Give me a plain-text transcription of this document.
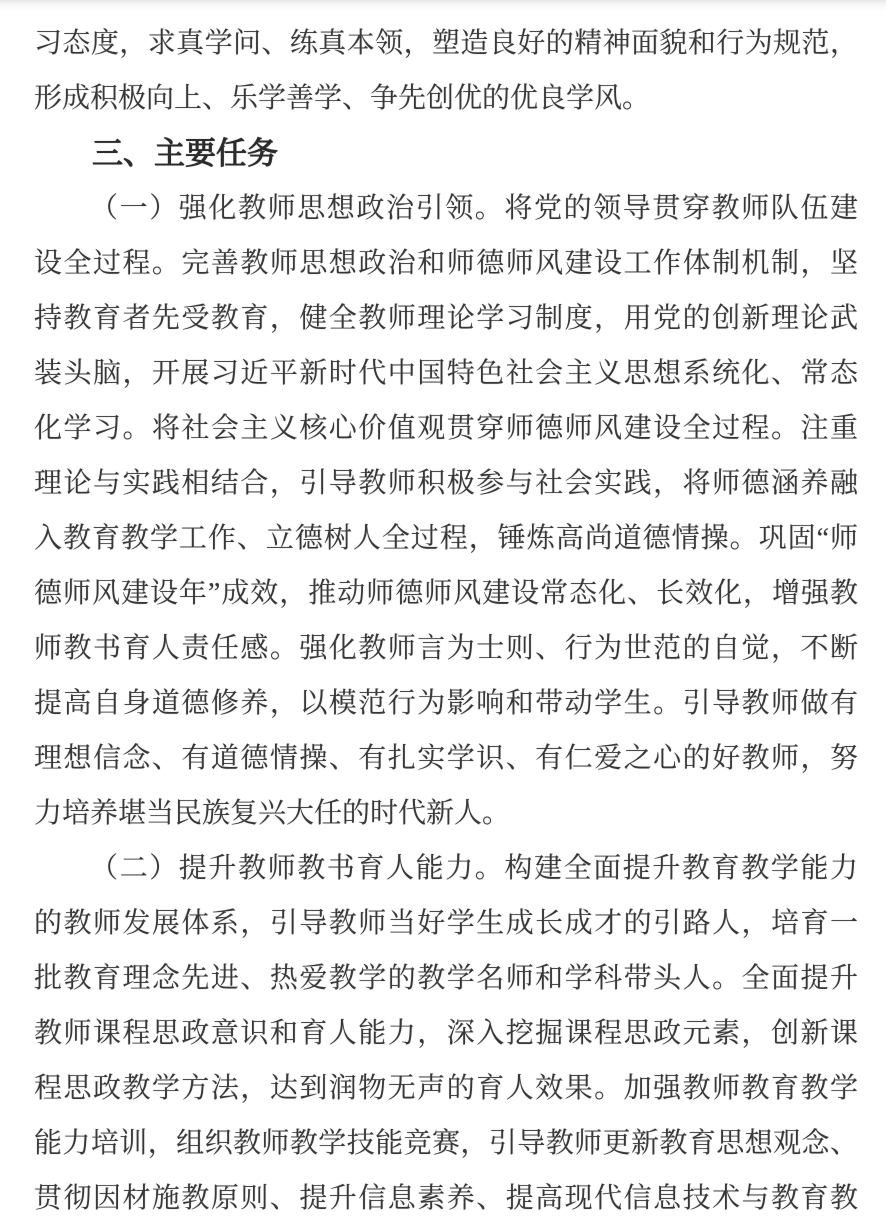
习态度，求真学问、练真本领，塑造良好的精神面貌和行为规范，
形成积极向上、乐学善学、争先创优的优良学风。
三、主要任务
（一）强化教师思想政治引领。将党的领导贯穿教师队伍建
设全过程。完善教师思想政治和师德师风建设工作体制机制，坚
持教育者先受教育，健全教师理论学习制度，用党的创新理论武
装头脑，开展习近平新时代中国特色社会主义思想系统化、常态
化学习。将社会主义核心价值观贯穿师德师风建设全过程。注重
理论与实践相结合，引导教师积极参与社会实践，将师德涵养融
入教育教学工作、立德树人全过程，锤炼高尚道德情操。巩固“师
德师风建设年”成效，推动师德师风建设常态化、长效化，增强教
师教书育人责任感。强化教师言为士则、行为世范的自觉，不断
提高自身道德修养，以模范行为影响和带动学生。引导教师做有
理想信念、有道德情操、有扎实学识、有仁爱之心的好教师，努
力培养堪当民族复兴大任的时代新人。
（二）提升教师教书育人能力。构建全面提升教育教学能力
的教师发展体系，引导教师当好学生成长成才的引路人，培育一
批教育理念先进、热爱教学的教学名师和学科带头人。全面提升
教师课程思政意识和育人能力，深入挖掘课程思政元素，创新课
程思政教学方法，达到润物无声的育人效果。加强教师教育教学
能力培训，组织教师教学技能竞赛，引导教师更新教育思想观念、
贯彻因材施教原则、提升信息素养、提高现代信息技术与教育教
